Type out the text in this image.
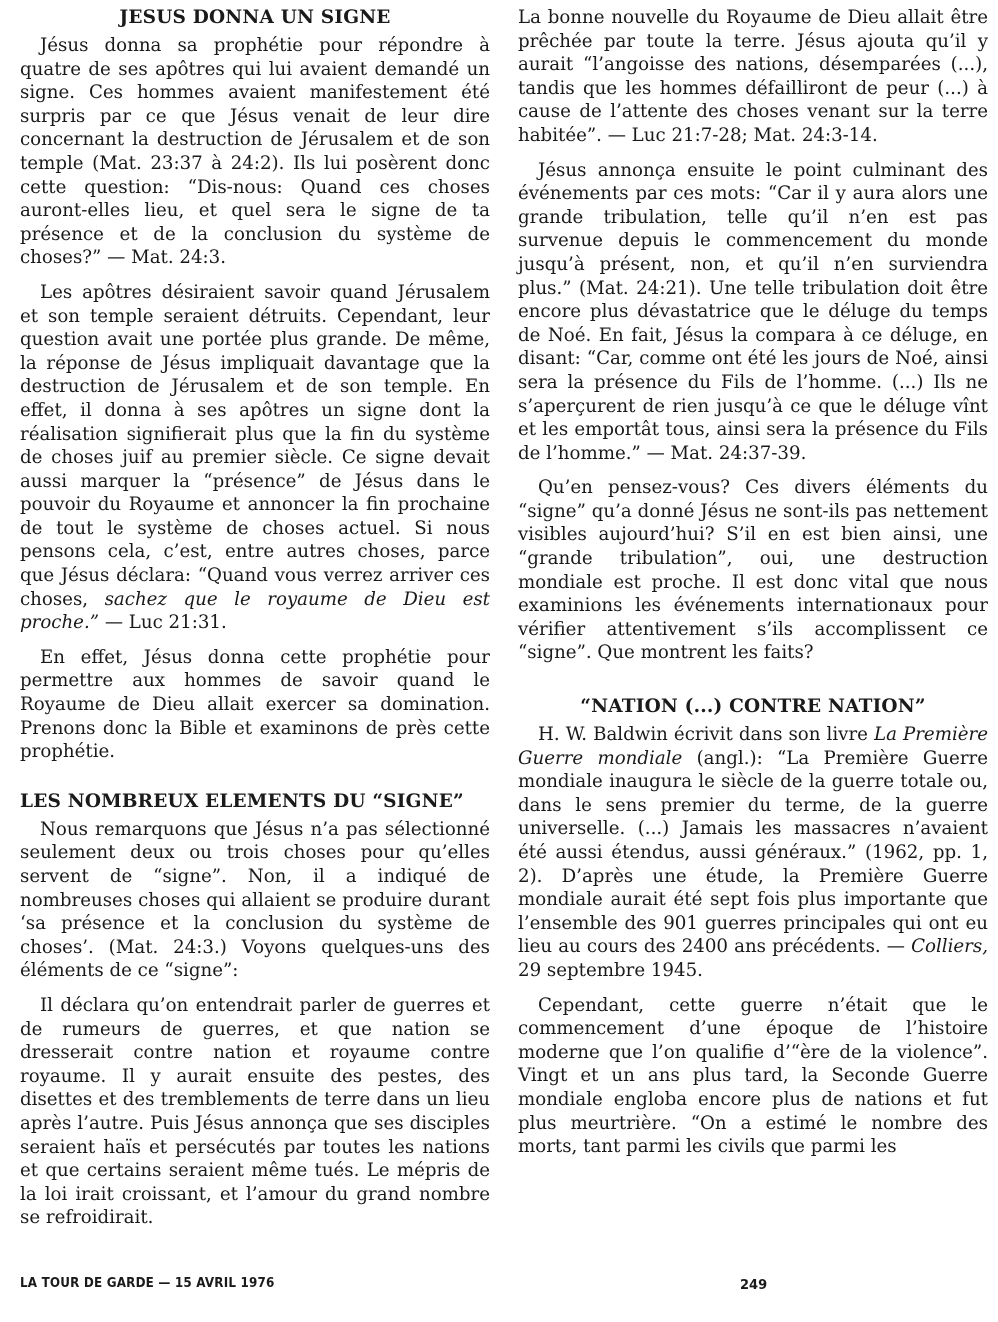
JESUS DONNA UN SIGNE

Jésus donna sa prophétie pour répondre à quatre de ses apôtres qui lui avaient demandé un signe. Ces hommes avaient manifestement été surpris par ce que Jésus venait de leur dire concernant la destruction de Jérusalem et de son temple (Mat. 23:37 à 24:2). Ils lui posèrent donc cette question: “Dis-nous: Quand ces choses auront-elles lieu, et quel sera le signe de ta présence et de la conclusion du système de choses?” — Mat. 24:3.

Les apôtres désiraient savoir quand Jérusalem et son temple seraient détruits. Cependant, leur question avait une portée plus grande. De même, la réponse de Jésus impliquait davantage que la destruction de Jérusalem et de son temple. En effet, il donna à ses apôtres un signe dont la réalisation signifierait plus que la fin du système de choses juif au premier siècle. Ce signe devait aussi marquer la “présence” de Jésus dans le pouvoir du Royaume et annoncer la fin prochaine de tout le système de choses actuel. Si nous pensons cela, c’est, entre autres choses, parce que Jésus déclara: “Quand vous verrez arriver ces choses, sachez que le royaume de Dieu est proche.” — Luc 21:31.

En effet, Jésus donna cette prophétie pour permettre aux hommes de savoir quand le Royaume de Dieu allait exercer sa domination. Prenons donc la Bible et examinons de près cette prophétie.

LES NOMBREUX ELEMENTS DU “SIGNE”

Nous remarquons que Jésus n’a pas sélectionné seulement deux ou trois choses pour qu’elles servent de “signe”. Non, il a indiqué de nombreuses choses qui allaient se produire durant ‘sa présence et la conclusion du système de choses’. (Mat. 24:3.) Voyons quelques-uns des éléments de ce “signe”:

Il déclara qu’on entendrait parler de guerres et de rumeurs de guerres, et que nation se dresserait contre nation et royaume contre royaume. Il y aurait ensuite des pestes, des disettes et des tremblements de terre dans un lieu après l’autre. Puis Jésus annonça que ses disciples seraient haïs et persécutés par toutes les nations et que certains seraient même tués. Le mépris de la loi irait croissant, et l’amour du grand nombre se refroidirait.

La bonne nouvelle du Royaume de Dieu allait être prêchée par toute la terre. Jésus ajouta qu’il y aurait “l’angoisse des nations, désemparées (...), tandis que les hommes défailliront de peur (...) à cause de l’attente des choses venant sur la terre habitée”. — Luc 21:7-28; Mat. 24:3-14.

Jésus annonça ensuite le point culminant des événements par ces mots: “Car il y aura alors une grande tribulation, telle qu’il n’en est pas survenue depuis le commencement du monde jusqu’à présent, non, et qu’il n’en surviendra plus.” (Mat. 24:21). Une telle tribulation doit être encore plus dévastatrice que le déluge du temps de Noé. En fait, Jésus la compara à ce déluge, en disant: “Car, comme ont été les jours de Noé, ainsi sera la présence du Fils de l’homme. (...) Ils ne s’aperçurent de rien jusqu’à ce que le déluge vînt et les emportât tous, ainsi sera la présence du Fils de l’homme.” — Mat. 24:37-39.

Qu’en pensez-vous? Ces divers éléments du “signe” qu’a donné Jésus ne sont-ils pas nettement visibles aujourd’hui? S’il en est bien ainsi, une “grande tribulation”, oui, une destruction mondiale est proche. Il est donc vital que nous examinions les événements internationaux pour vérifier attentivement s’ils accomplissent ce “signe”. Que montrent les faits?

“NATION (...) CONTRE NATION”

H. W. Baldwin écrivit dans son livre La Première Guerre mondiale (angl.): “La Première Guerre mondiale inaugura le siècle de la guerre totale ou, dans le sens premier du terme, de la guerre universelle. (...) Jamais les massacres n’avaient été aussi étendus, aussi généraux.” (1962, pp. 1, 2). D’après une étude, la Première Guerre mondiale aurait été sept fois plus importante que l’ensemble des 901 guerres principales qui ont eu lieu au cours des 2400 ans précédents. — Colliers, 29 septembre 1945.

Cependant, cette guerre n’était que le commencement d’une époque de l’histoire moderne que l’on qualifie d’“ère de la violence”. Vingt et un ans plus tard, la Seconde Guerre mondiale engloba encore plus de nations et fut plus meurtrière. “On a estimé le nombre des morts, tant parmi les civils que parmi les

LA TOUR DE GARDE — 15 AVRIL 1976	249
